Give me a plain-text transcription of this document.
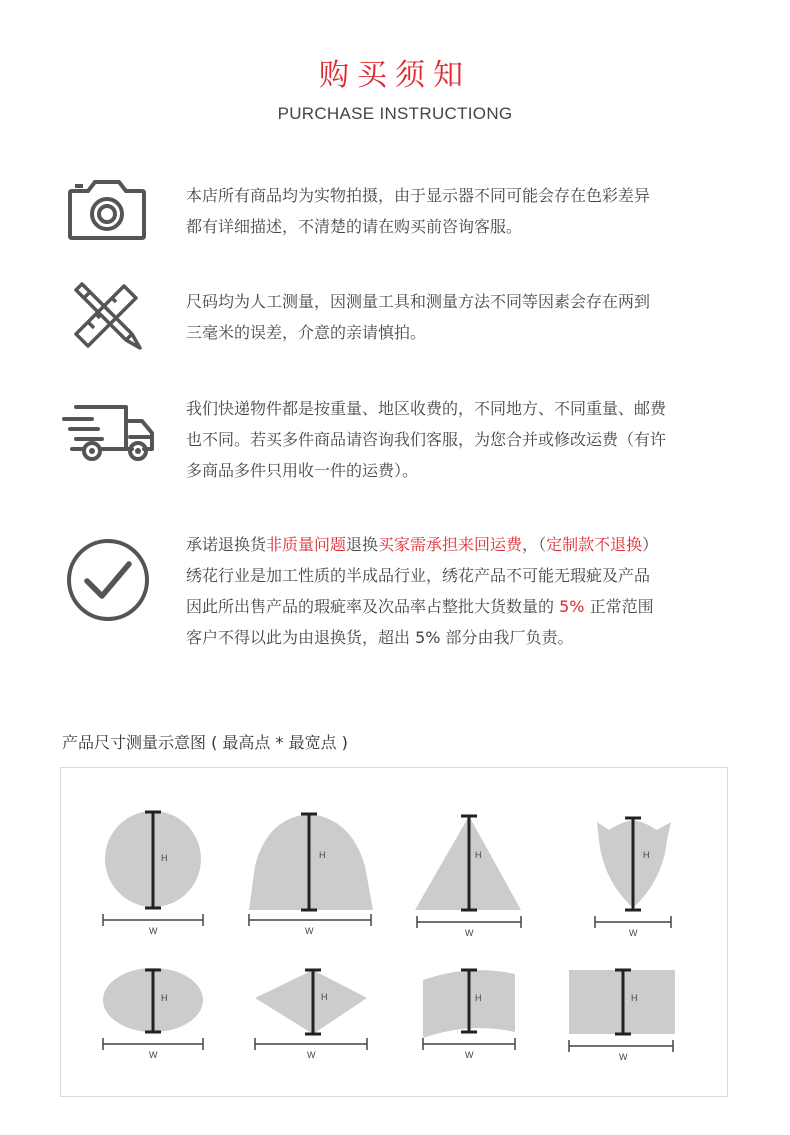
购买须知
PURCHASE INSTRUCTIONG

本店所有商品均为实物拍摄，由于显示器不同可能会存在色彩差异

都有详细描述，不清楚的请在购买前咨询客服。

尺码均为人工测量，因测量工具和测量方法不同等因素会存在两到

三毫米的误差，介意的亲请慎拍。

我们快递物件都是按重量、地区收费的，不同地方、不同重量、邮费

也不同。若买多件商品请咨询我们客服，为您合并或修改运费（有许

多商品多件只用收一件的运费）。

承诺退换货非质量问题退换买家需承担来回运费，（定制款不退换）

绣花行业是加工性质的半成品行业，绣花产品不可能无瑕疵及产品

因此所出售产品的瑕疵率及次品率占整批大货数量的 5% 正常范围

客户不得以此为由退换货，超出 5% 部分由我厂负责。

产品尺寸测量示意图 ( 最高点 * 最宽点 )
H
W
H
W
H
W
H
W
H
W
H
W
H
W
H
W
